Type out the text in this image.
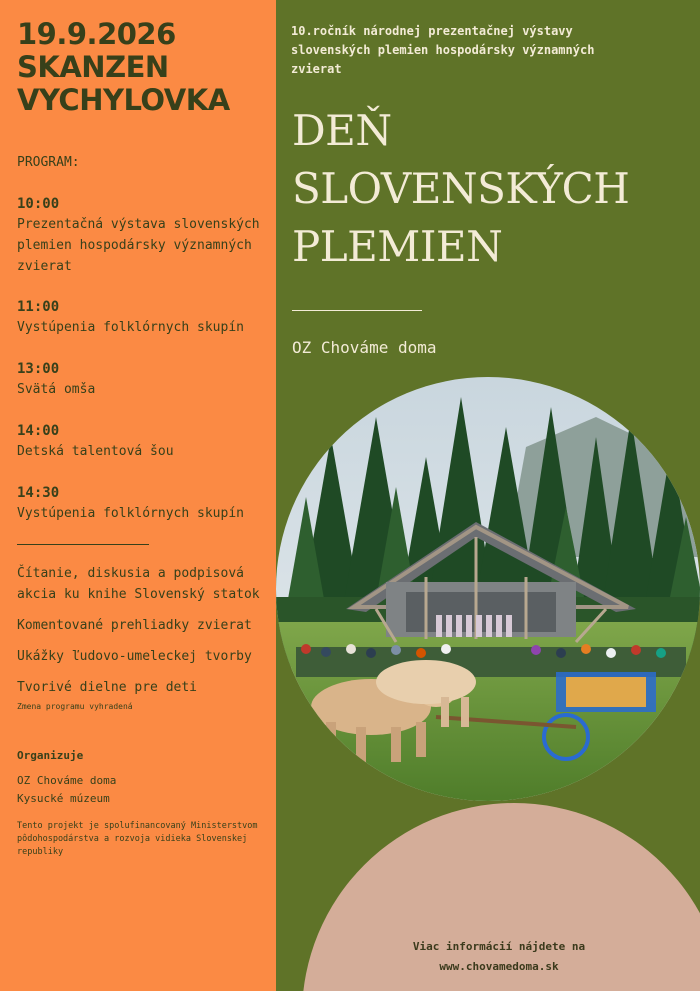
19.9.2026
SKANZEN
VYCHYLOVKA
PROGRAM:
10:00
Prezentačná výstava slovenských plemien hospodársky významných zvierat
11:00
Vystúpenia folklórnych skupín
13:00
Svätá omša
14:00
Detská talentová šou
14:30
Vystúpenia folklórnych skupín
Čítanie, diskusia a podpisová akcia ku knihe Slovenský statok
Komentované prehliadky zvierat
Ukážky ľudovo-umeleckej tvorby
Tvorivé dielne pre deti
Zmena programu vyhradená
Organizuje
OZ Chováme doma
Kysucké múzeum
Tento projekt je spolufinancovaný Ministerstvom pôdohospodárstva a rozvoja vidieka Slovenskej republiky
10.ročník národnej prezentačnej výstavy slovenských plemien hospodársky významných zvierat
DEŇ
SLOVENSKÝCH
PLEMIEN
OZ Chováme doma
Viac informácií nájdete na
www.chovamedoma.sk
